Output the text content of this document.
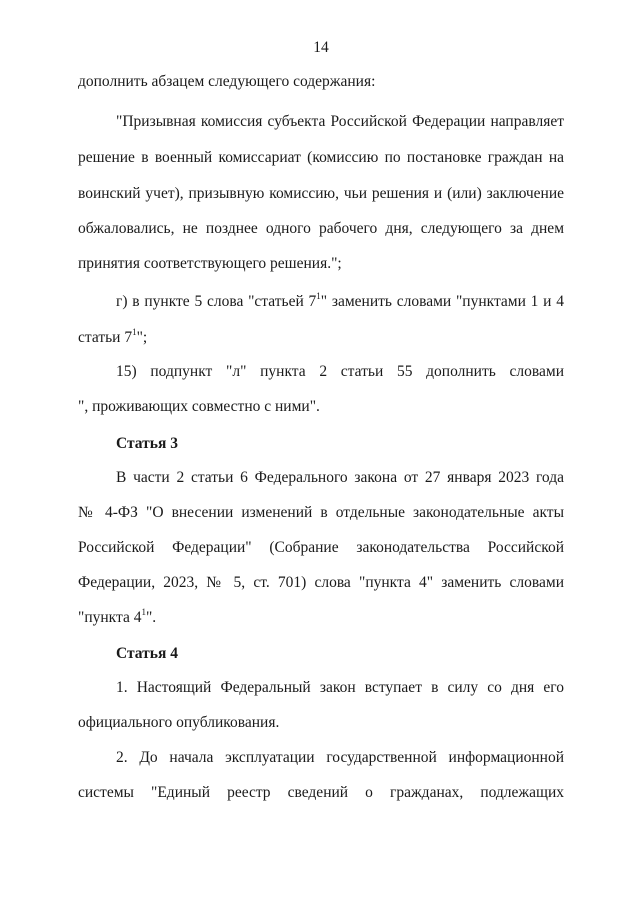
14
дополнить абзацем следующего содержания:
"Призывная комиссия субъекта Российской Федерации направляет
решение в военный комиссариат (комиссию по постановке граждан на
воинский учет), призывную комиссию, чьи решения и (или) заключение
обжаловались, не позднее одного рабочего дня, следующего за днем
принятия соответствующего решения.";
г) в пункте 5 слова "статьей $7^1$" заменить словами "пунктами 1 и 4
статьи $7^1$";
15) подпункт "л" пункта 2 статьи 55 дополнить словами
", проживающих совместно с ними".
Статья 3
В части 2 статьи 6 Федерального закона от 27 января 2023 года
№ 4-ФЗ "О внесении изменений в отдельные законодательные акты
Российской Федерации" (Собрание законодательства Российской
Федерации, 2023, № 5, ст. 701) слова "пункта 4" заменить словами
"пункта $4^1$".
Статья 4
1. Настоящий Федеральный закон вступает в силу со дня его
официального опубликования.
2. До начала эксплуатации государственной информационной
системы "Единый реестр сведений о гражданах, подлежащих
